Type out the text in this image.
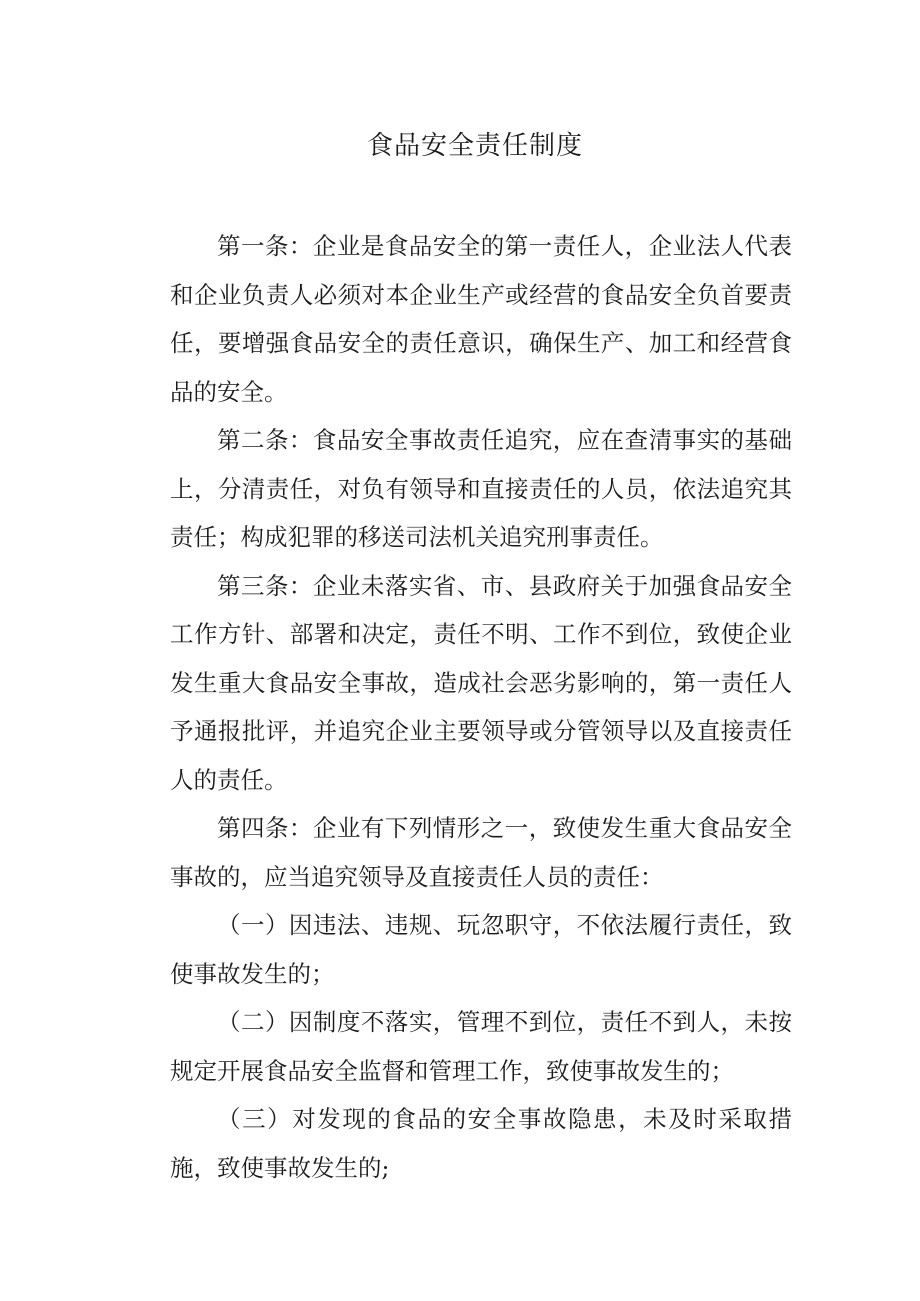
食品安全责任制度

第一条：企业是食品安全的第一责任人，企业法人代表和企业负责人必须对本企业生产或经营的食品安全负首要责任，要增强食品安全的责任意识，确保生产、加工和经营食品的安全。

第二条：食品安全事故责任追究，应在查清事实的基础上，分清责任，对负有领导和直接责任的人员，依法追究其责任；构成犯罪的移送司法机关追究刑事责任。

第三条：企业未落实省、市、县政府关于加强食品安全工作方针、部署和决定，责任不明、工作不到位，致使企业发生重大食品安全事故，造成社会恶劣影响的，第一责任人予通报批评，并追究企业主要领导或分管领导以及直接责任人的责任。

第四条：企业有下列情形之一，致使发生重大食品安全事故的，应当追究领导及直接责任人员的责任：

（一）因违法、违规、玩忽职守，不依法履行责任，致使事故发生的；

（二）因制度不落实，管理不到位，责任不到人，未按规定开展食品安全监督和管理工作，致使事故发生的；

（三）对发现的食品的安全事故隐患，未及时采取措施，致使事故发生的;
